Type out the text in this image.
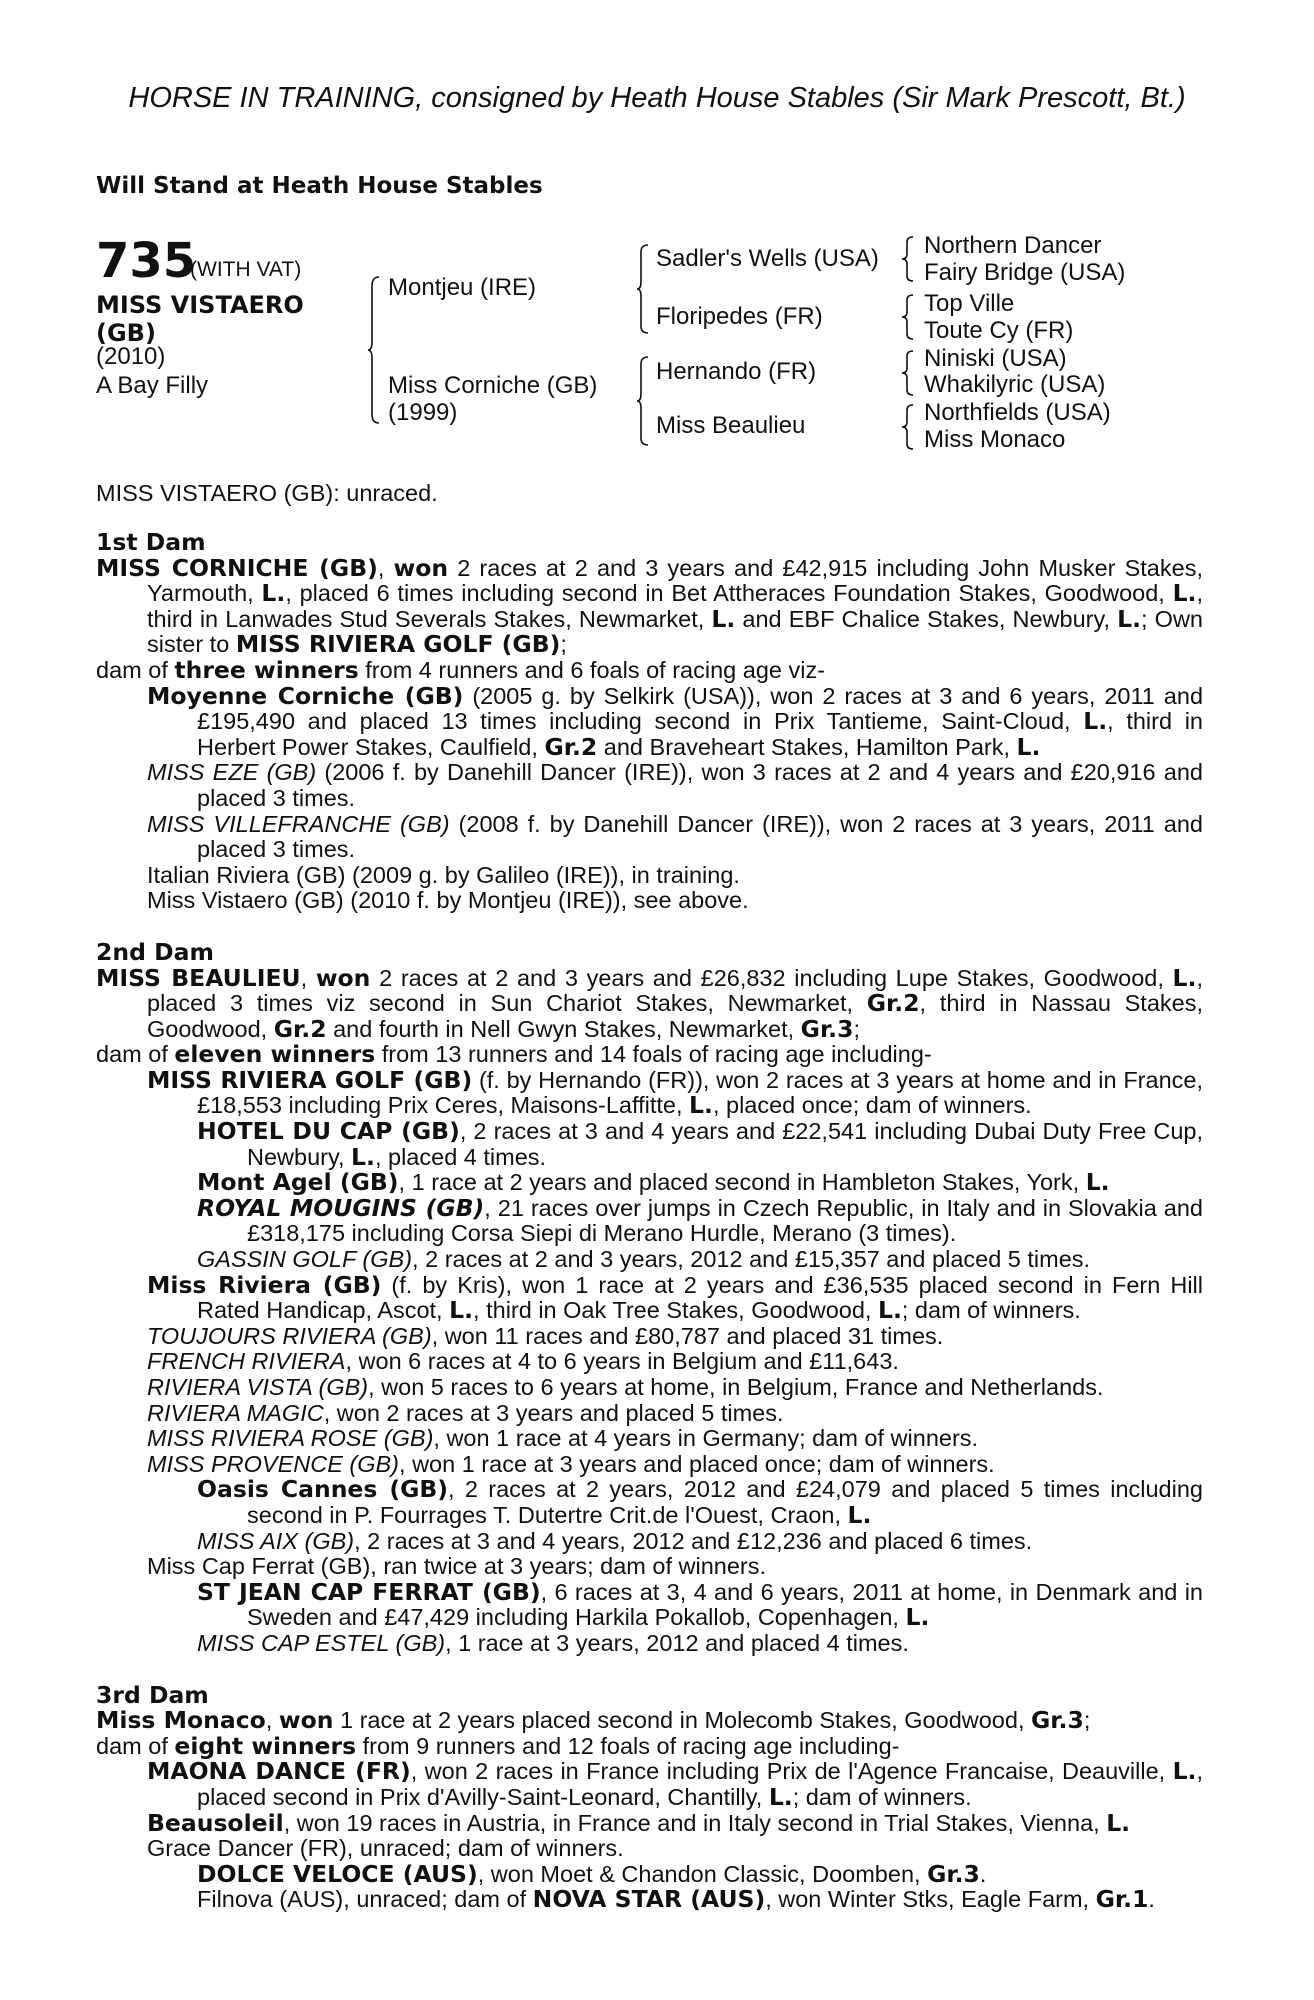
HORSE IN TRAINING, consigned by Heath House Stables (Sir Mark Prescott, Bt.)
Will Stand at Heath House Stables
735
(WITH VAT)
MISS VISTAERO
(GB)
(2010)
A Bay Filly
Montjeu (IRE)
Miss Corniche (GB)
(1999)
Sadler's Wells (USA)
Floripedes (FR)
Hernando (FR)
Miss Beaulieu
Northern Dancer
Fairy Bridge (USA)
Top Ville
Toute Cy (FR)
Niniski (USA)
Whakilyric (USA)
Northfields (USA)
Miss Monaco
MISS VISTAERO (GB): unraced.

1st Dam

MISS CORNICHE (GB), won 2 races at 2 and 3 years and £42,915 including John Musker Stakes, Yarmouth, L., placed 6 times including second in Bet Attheraces Foundation Stakes, Goodwood, L., third in Lanwades Stud Severals Stakes, Newmarket, L. and EBF Chalice Stakes, Newbury, L.; Own sister to MISS RIVIERA GOLF (GB);

dam of three winners from 4 runners and 6 foals of racing age viz-

Moyenne Corniche (GB) (2005 g. by Selkirk (USA)), won 2 races at 3 and 6 years, 2011 and £195,490 and placed 13 times including second in Prix Tantieme, Saint-Cloud, L., third in Herbert Power Stakes, Caulfield, Gr.2 and Braveheart Stakes, Hamilton Park, L.

MISS EZE (GB) (2006 f. by Danehill Dancer (IRE)), won 3 races at 2 and 4 years and £20,916 and placed 3 times.

MISS VILLEFRANCHE (GB) (2008 f. by Danehill Dancer (IRE)), won 2 races at 3 years, 2011 and placed 3 times.

Italian Riviera (GB) (2009 g. by Galileo (IRE)), in training.

Miss Vistaero (GB) (2010 f. by Montjeu (IRE)), see above.

2nd Dam

MISS BEAULIEU, won 2 races at 2 and 3 years and £26,832 including Lupe Stakes, Goodwood, L., placed 3 times viz second in Sun Chariot Stakes, Newmarket, Gr.2, third in Nassau Stakes, Goodwood, Gr.2 and fourth in Nell Gwyn Stakes, Newmarket, Gr.3;

dam of eleven winners from 13 runners and 14 foals of racing age including-

MISS RIVIERA GOLF (GB) (f. by Hernando (FR)), won 2 races at 3 years at home and in France, £18,553 including Prix Ceres, Maisons-Laffitte, L., placed once; dam of winners.

HOTEL DU CAP (GB), 2 races at 3 and 4 years and £22,541 including Dubai Duty Free Cup, Newbury, L., placed 4 times.

Mont Agel (GB), 1 race at 2 years and placed second in Hambleton Stakes, York, L.

ROYAL MOUGINS (GB), 21 races over jumps in Czech Republic, in Italy and in Slovakia and £318,175 including Corsa Siepi di Merano Hurdle, Merano (3 times).

GASSIN GOLF (GB), 2 races at 2 and 3 years, 2012 and £15,357 and placed 5 times.

Miss Riviera (GB) (f. by Kris), won 1 race at 2 years and £36,535 placed second in Fern Hill Rated Handicap, Ascot, L., third in Oak Tree Stakes, Goodwood, L.; dam of winners.

TOUJOURS RIVIERA (GB), won 11 races and £80,787 and placed 31 times.

FRENCH RIVIERA, won 6 races at 4 to 6 years in Belgium and £11,643.

RIVIERA VISTA (GB), won 5 races to 6 years at home, in Belgium, France and Netherlands.

RIVIERA MAGIC, won 2 races at 3 years and placed 5 times.

MISS RIVIERA ROSE (GB), won 1 race at 4 years in Germany; dam of winners.

MISS PROVENCE (GB), won 1 race at 3 years and placed once; dam of winners.

Oasis Cannes (GB), 2 races at 2 years, 2012 and £24,079 and placed 5 times including second in P. Fourrages T. Dutertre Crit.de l'Ouest, Craon, L.

MISS AIX (GB), 2 races at 3 and 4 years, 2012 and £12,236 and placed 6 times.

Miss Cap Ferrat (GB), ran twice at 3 years; dam of winners.

ST JEAN CAP FERRAT (GB), 6 races at 3, 4 and 6 years, 2011 at home, in Denmark and in Sweden and £47,429 including Harkila Pokallob, Copenhagen, L.

MISS CAP ESTEL (GB), 1 race at 3 years, 2012 and placed 4 times.

3rd Dam

Miss Monaco, won 1 race at 2 years placed second in Molecomb Stakes, Goodwood, Gr.3;

dam of eight winners from 9 runners and 12 foals of racing age including-

MAONA DANCE (FR), won 2 races in France including Prix de l'Agence Francaise, Deauville, L., placed second in Prix d'Avilly-Saint-Leonard, Chantilly, L.; dam of winners.

Beausoleil, won 19 races in Austria, in France and in Italy second in Trial Stakes, Vienna, L.

Grace Dancer (FR), unraced; dam of winners.

DOLCE VELOCE (AUS), won Moet & Chandon Classic, Doomben, Gr.3.

Filnova (AUS), unraced; dam of NOVA STAR (AUS), won Winter Stks, Eagle Farm, Gr.1.
